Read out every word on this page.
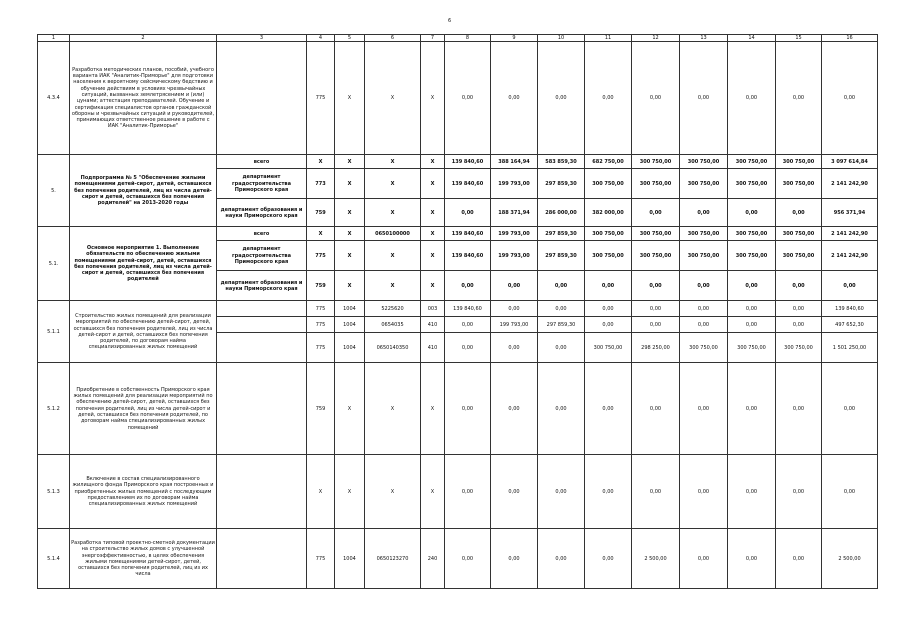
6
1	2	3	4	5	6	7	8	9	10	11	12	13	14	15	16
4.3.4	Разработка методических планов, пособий, учебного варианта ИАК "Аналитик-Приморье" для подготовки населения к вероятному сейсмическому бедствию и обучение действиям в условиях чрезвычайных ситуаций, вызванных землетрясением и (или) цунами; аттестация преподавателей. Обучение и сертификация специалистов органов гражданской обороны и чрезвычайных ситуаций и руководителей, принимающих ответственное решение в работе с ИАК "Аналитик-Приморье"		775	X	X	X	0,00	0,00	0,00	0,00	0,00	0,00	0,00	0,00	0,00
5.	Подпрограмма № 5 "Обеспечение жилыми помещениями детей-сирот, детей, оставшихся без попечения родителей, лиц из числа детей-сирот и детей, оставшихся без попечения родителей" на 2013-2020 годы	всего	X	X	X	X	139 840,60	388 164,94	583 859,30	682 750,00	300 750,00	300 750,00	300 750,00	300 750,00	3 097 614,84
		департамент градостроительства Приморского края	773	X	X	X	139 840,60	199 793,00	297 859,30	300 750,00	300 750,00	300 750,00	300 750,00	300 750,00	2 141 242,90
		департамент образования и науки Приморского края	759	X	X	X	0,00	188 371,94	286 000,00	382 000,00	0,00	0,00	0,00	0,00	956 371,94
5.1.	Основное мероприятие 1. Выполнение обязательств по обеспечению жилыми помещениями детей-сирот, детей, оставшихся без попечения родителей, лиц из числа детей-сирот и детей, оставшихся без попечения родителей	всего	X	X	0650100000	X	139 840,60	199 793,00	297 859,30	300 750,00	300 750,00	300 750,00	300 750,00	300 750,00	2 141 242,90
		департамент градостроительства Приморского края	775	X	X	X	139 840,60	199 793,00	297 859,30	300 750,00	300 750,00	300 750,00	300 750,00	300 750,00	2 141 242,90
		департамент образования и науки Приморского края	759	X	X	X	0,00	0,00	0,00	0,00	0,00	0,00	0,00	0,00	0,00
5.1.1	Строительство жилых помещений для реализации мероприятий по обеспечению детей-сирот, детей, оставшихся без попечения родителей, лиц из числа детей-сирот и детей, оставшихся без попечения родителей, по договорам найма специализированных жилых помещений		775	1004	5225620	003	139 840,60	0,00	0,00	0,00	0,00	0,00	0,00	0,00	139 840,60
			775	1004	0654035	410	0,00	199 793,00	297 859,30	0,00	0,00	0,00	0,00	0,00	497 652,30
			775	1004	0650140350	410	0,00	0,00	0,00	300 750,00	298 250,00	300 750,00	300 750,00	300 750,00	1 501 250,00
5.1.2	Приобретение в собственность Приморского края жилых помещений для реализации мероприятий по обеспечению детей-сирот, детей, оставшихся без попечения родителей, лиц из числа детей-сирот и детей, оставшихся без попечения родителей, по договорам найма специализированных жилых помещений		759	X	X	X	0,00	0,00	0,00	0,00	0,00	0,00	0,00	0,00	0,00
5.1.3	Включение в состав специализированного жилищного фонда Приморского края построенных и приобретенных жилых помещений с последующим предоставлением их по договорам найма специализированных жилых помещений		X	X	X	X	0,00	0,00	0,00	0,00	0,00	0,00	0,00	0,00	0,00
5.1.4	Разработка типовой проектно-сметной документации на строительство жилых домов с улучшенной энергоэффективностью, в целях обеспечения жилыми помещениями детей-сирот, детей, оставшихся без попечения родителей, лиц из их числа		775	1004	0650123270	240	0,00	0,00	0,00	0,00	2 500,00	0,00	0,00	0,00	2 500,00
